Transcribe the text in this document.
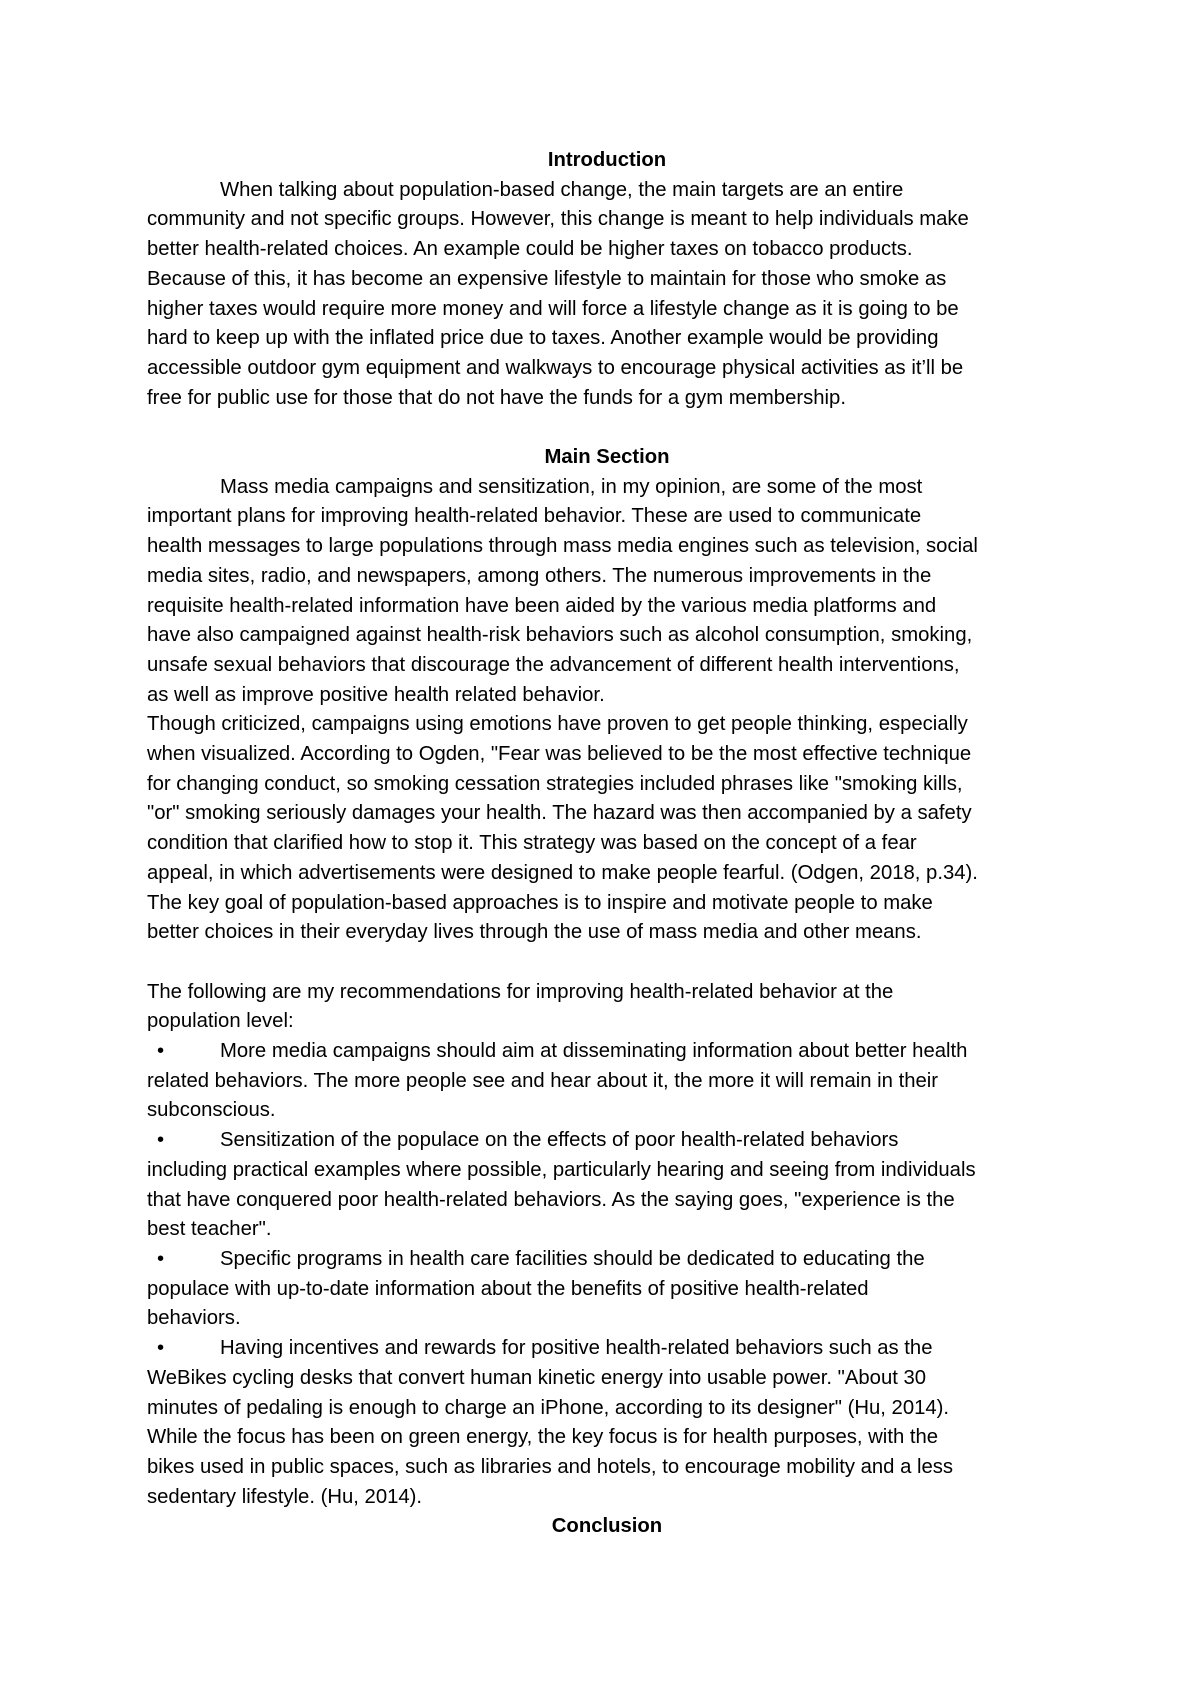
Introduction

When talking about population-based change, the main targets are an entire
community and not specific groups. However, this change is meant to help individuals make
better health-related choices. An example could be higher taxes on tobacco products.
Because of this, it has become an expensive lifestyle to maintain for those who smoke as
higher taxes would require more money and will force a lifestyle change as it is going to be
hard to keep up with the inflated price due to taxes. Another example would be providing
accessible outdoor gym equipment and walkways to encourage physical activities as it’ll be
free for public use for those that do not have the funds for a gym membership.

Main Section

Mass media campaigns and sensitization, in my opinion, are some of the most
important plans for improving health-related behavior. These are used to communicate
health messages to large populations through mass media engines such as television, social
media sites, radio, and newspapers, among others. The numerous improvements in the
requisite health-related information have been aided by the various media platforms and
have also campaigned against health-risk behaviors such as alcohol consumption, smoking,
unsafe sexual behaviors that discourage the advancement of different health interventions,
as well as improve positive health related behavior.
Though criticized, campaigns using emotions have proven to get people thinking, especially
when visualized. According to Ogden, "Fear was believed to be the most effective technique
for changing conduct, so smoking cessation strategies included phrases like "smoking kills,
"or" smoking seriously damages your health. The hazard was then accompanied by a safety
condition that clarified how to stop it. This strategy was based on the concept of a fear
appeal, in which advertisements were designed to make people fearful. (Odgen, 2018, p.34).
The key goal of population-based approaches is to inspire and motivate people to make
better choices in their everyday lives through the use of mass media and other means.
The following are my recommendations for improving health-related behavior at the
population level:
•	More media campaigns should aim at disseminating information about better health
related behaviors. The more people see and hear about it, the more it will remain in their
subconscious.
•	Sensitization of the populace on the effects of poor health-related behaviors
including practical examples where possible, particularly hearing and seeing from individuals
that have conquered poor health-related behaviors. As the saying goes, "experience is the
best teacher".
•	Specific programs in health care facilities should be dedicated to educating the
populace with up-to-date information about the benefits of positive health-related
behaviors.
•	Having incentives and rewards for positive health-related behaviors such as the
WeBikes cycling desks that convert human kinetic energy into usable power. "About 30
minutes of pedaling is enough to charge an iPhone, according to its designer" (Hu, 2014).
While the focus has been on green energy, the key focus is for health purposes, with the
bikes used in public spaces, such as libraries and hotels, to encourage mobility and a less
sedentary lifestyle. (Hu, 2014).

Conclusion
